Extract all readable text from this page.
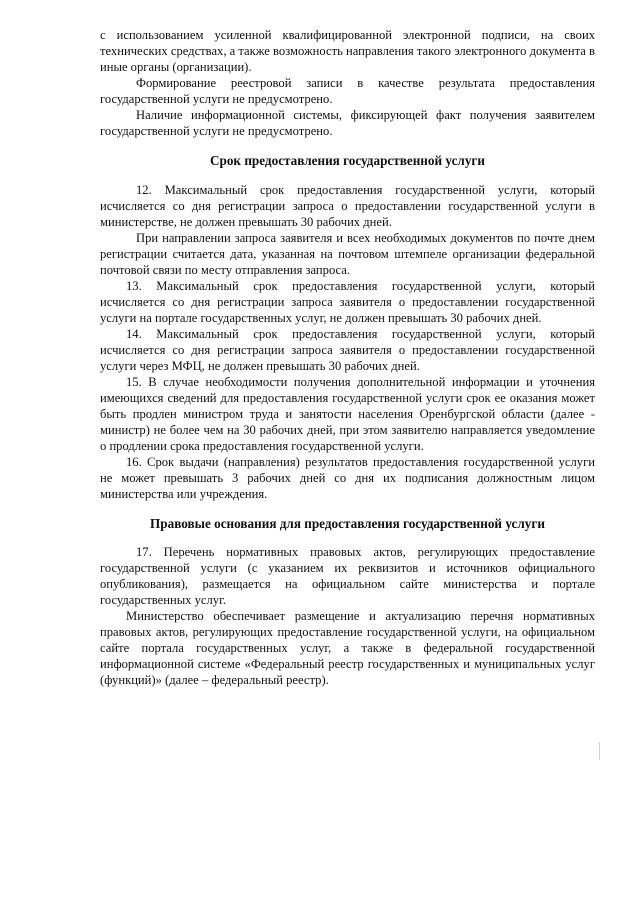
с использованием усиленной квалифицированной электронной подписи, на своих технических средствах, а также возможность направления такого электронного документа в иные органы (организации).

Формирование реестровой записи в качестве результата предоставления государственной услуги не предусмотрено.

Наличие информационной системы, фиксирующей факт получения заявителем государственной услуги не предусмотрено.

Срок предоставления государственной услуги

12. Максимальный срок предоставления государственной услуги, который исчисляется со дня регистрации запроса о предоставлении государственной услуги в министерстве, не должен превышать 30 рабочих дней.

При направлении запроса заявителя и всех необходимых документов по почте днем регистрации считается дата, указанная на почтовом штемпеле организации федеральной почтовой связи по месту отправления запроса.

13. Максимальный срок предоставления государственной услуги, который исчисляется со дня регистрации запроса заявителя о предоставлении государственной услуги на портале государственных услуг, не должен превышать 30 рабочих дней.

14. Максимальный срок предоставления государственной услуги, который исчисляется со дня регистрации запроса заявителя о предоставлении государственной услуги через МФЦ, не должен превышать 30 рабочих дней.

15. В случае необходимости получения дополнительной информации и уточнения имеющихся сведений для предоставления государственной услуги срок ее оказания может быть продлен министром труда и занятости населения Оренбургской области (далее - министр) не более чем на 30 рабочих дней, при этом заявителю направляется уведомление о продлении срока предоставления государственной услуги.

16. Срок выдачи (направления) результатов предоставления государственной услуги не может превышать 3 рабочих дней со дня их подписания должностным лицом министерства или учреждения.

Правовые основания для предоставления государственной услуги

17. Перечень нормативных правовых актов, регулирующих предоставление государственной услуги (с указанием их реквизитов и источников официального опубликования), размещается на официальном сайте министерства и портале государственных услуг.

Министерство обеспечивает размещение и актуализацию перечня нормативных правовых актов, регулирующих предоставление государственной услуги, на официальном сайте портала государственных услуг, а также в федеральной государственной информационной системе «Федеральный реестр государственных и муниципальных услуг (функций)» (далее – федеральный реестр).
